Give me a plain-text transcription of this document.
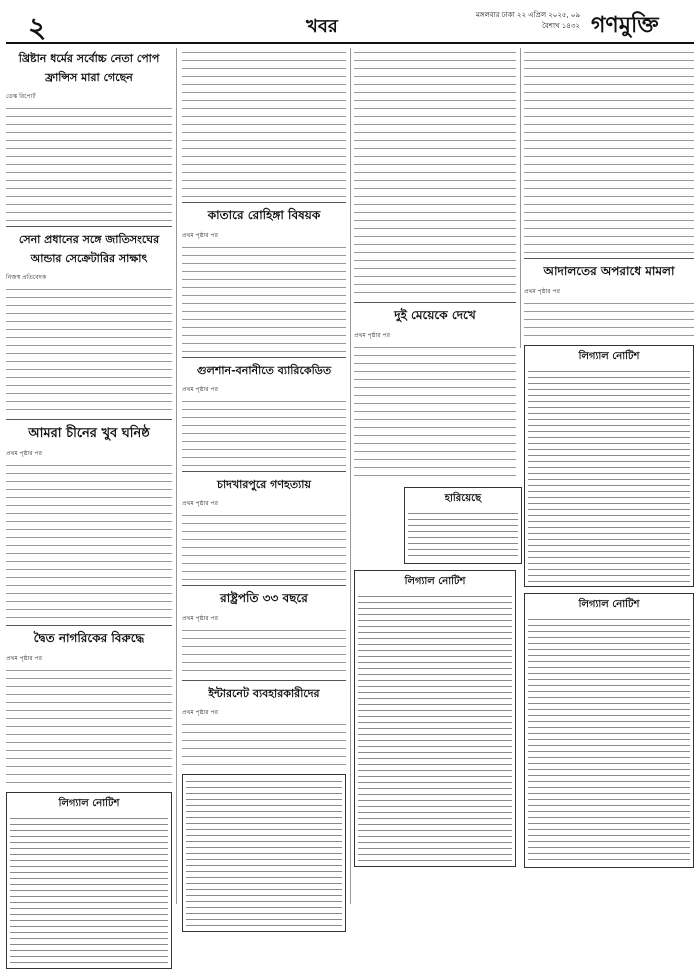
২	খবর
মঙ্গলবার ঢাকা ২২ এপ্রিল ২০২৫, ০৯ বৈশাখ ১৪৩২ গণমুক্তি
খ্রিষ্টান ধর্মের সর্বোচ্চ নেতা পোপ ফ্রান্সিস মারা গেছেন
ডেস্ক রিপোর্ট
সেনা প্রধানের সঙ্গে জাতিসংঘের আন্ডার সেক্রেটারির সাক্ষাৎ
নিজস্ব প্রতিবেদক
আমরা চীনের খুব ঘনিষ্ঠ
প্রথম পৃষ্ঠার পর
দ্বৈত নাগরিকের বিরুদ্ধে
প্রথম পৃষ্ঠার পর
লিগ্যাল নোটিশ
কাতারে রোহিঙ্গা বিষয়ক
প্রথম পৃষ্ঠার পর
গুলশান-বনানীতে ব্যারিকেডিত
প্রথম পৃষ্ঠার পর
চাদখারপুরে গণহত্যায়
প্রথম পৃষ্ঠার পর
রাষ্ট্রপতি ৩৩ বছরে
প্রথম পৃষ্ঠার পর
ইন্টারনেট ব্যবহারকারীদের
প্রথম পৃষ্ঠার পর
দুই মেয়েকে দেখে
প্রথম পৃষ্ঠার পর
হারিয়েছে
লিগ্যাল নোটিশ
আদালতের অপরাধে মামলা
প্রথম পৃষ্ঠার পর
লিগ্যাল নোটিশ
লিগ্যাল নোটিশ
